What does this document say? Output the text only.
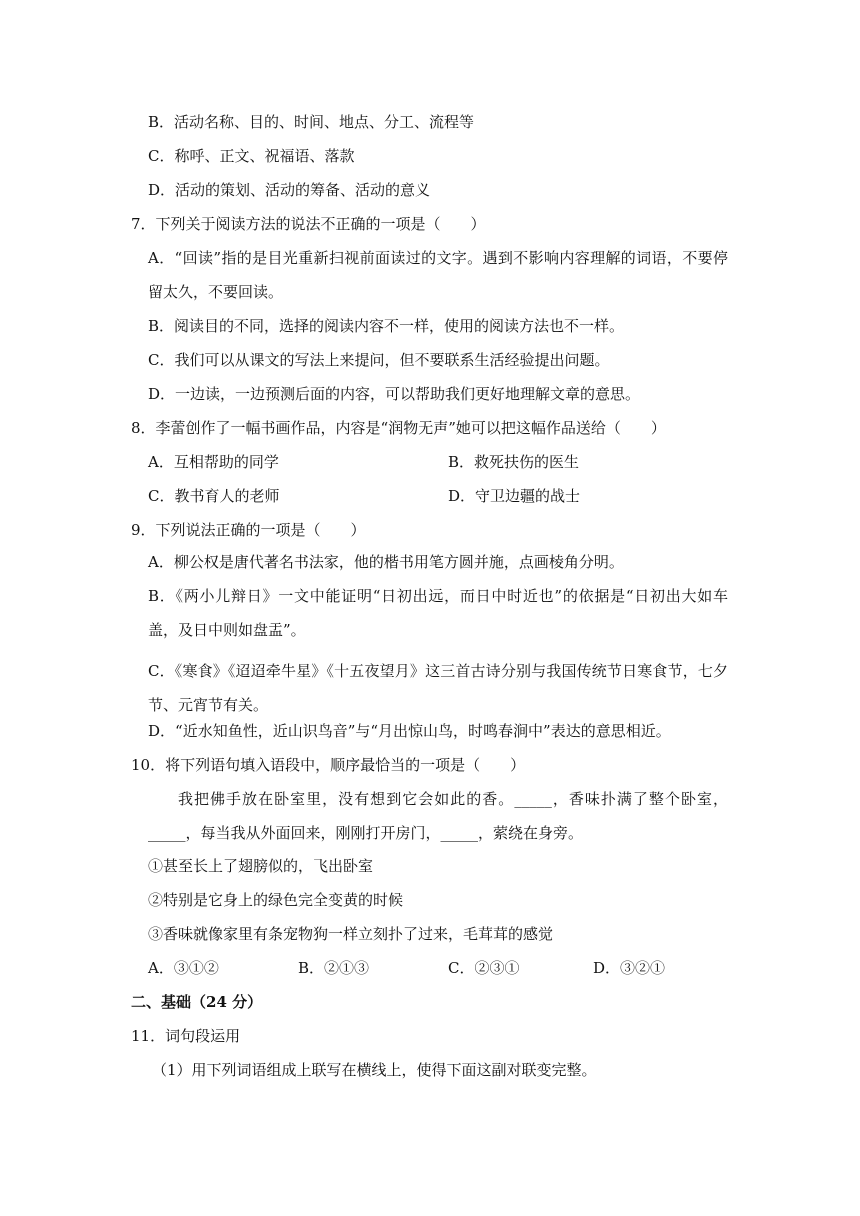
B．活动名称、目的、时间、地点、分工、流程等
C．称呼、正文、祝福语、落款
D．活动的策划、活动的筹备、活动的意义
7．下列关于阅读方法的说法不正确的一项是（　　）
A．“回读”指的是目光重新扫视前面读过的文字。遇到不影响内容理解的词语，不要停留太久，不要回读。
B．阅读目的不同，选择的阅读内容不一样，使用的阅读方法也不一样。
C．我们可以从课文的写法上来提问，但不要联系生活经验提出问题。
D．一边读，一边预测后面的内容，可以帮助我们更好地理解文章的意思。
8．李蕾创作了一幅书画作品，内容是“润物无声”她可以把这幅作品送给（　　）
A．互相帮助的同学	B．救死扶伤的医生
C．教书育人的老师	D．守卫边疆的战士
9．下列说法正确的一项是（　　）
A．柳公权是唐代著名书法家，他的楷书用笔方圆并施，点画棱角分明。
B．《两小儿辩日》一文中能证明“日初出远，而日中时近也”的依据是“日初出大如车盖，及日中则如盘盂”。
C．《寒食》《迢迢牵牛星》《十五夜望月》这三首古诗分别与我国传统节日寒食节，七夕节、元宵节有关。
D．“近水知鱼性，近山识鸟音”与“月出惊山鸟，时鸣春涧中”表达的意思相近。
10．将下列语句填入语段中，顺序最恰当的一项是（　　）
我把佛手放在卧室里，没有想到它会如此的香。_____，香味扑满了整个卧室，_____，每当我从外面回来，刚刚打开房门，_____，萦绕在身旁。
①甚至长上了翅膀似的，飞出卧室
②特别是它身上的绿色完全变黄的时候
③香味就像家里有条宠物狗一样立刻扑了过来，毛茸茸的感觉
A．③①②	B．②①③	C．②③①	D．③②①
二、基础（24 分）
11．词句段运用
（1）用下列词语组成上联写在横线上，使得下面这副对联变完整。
